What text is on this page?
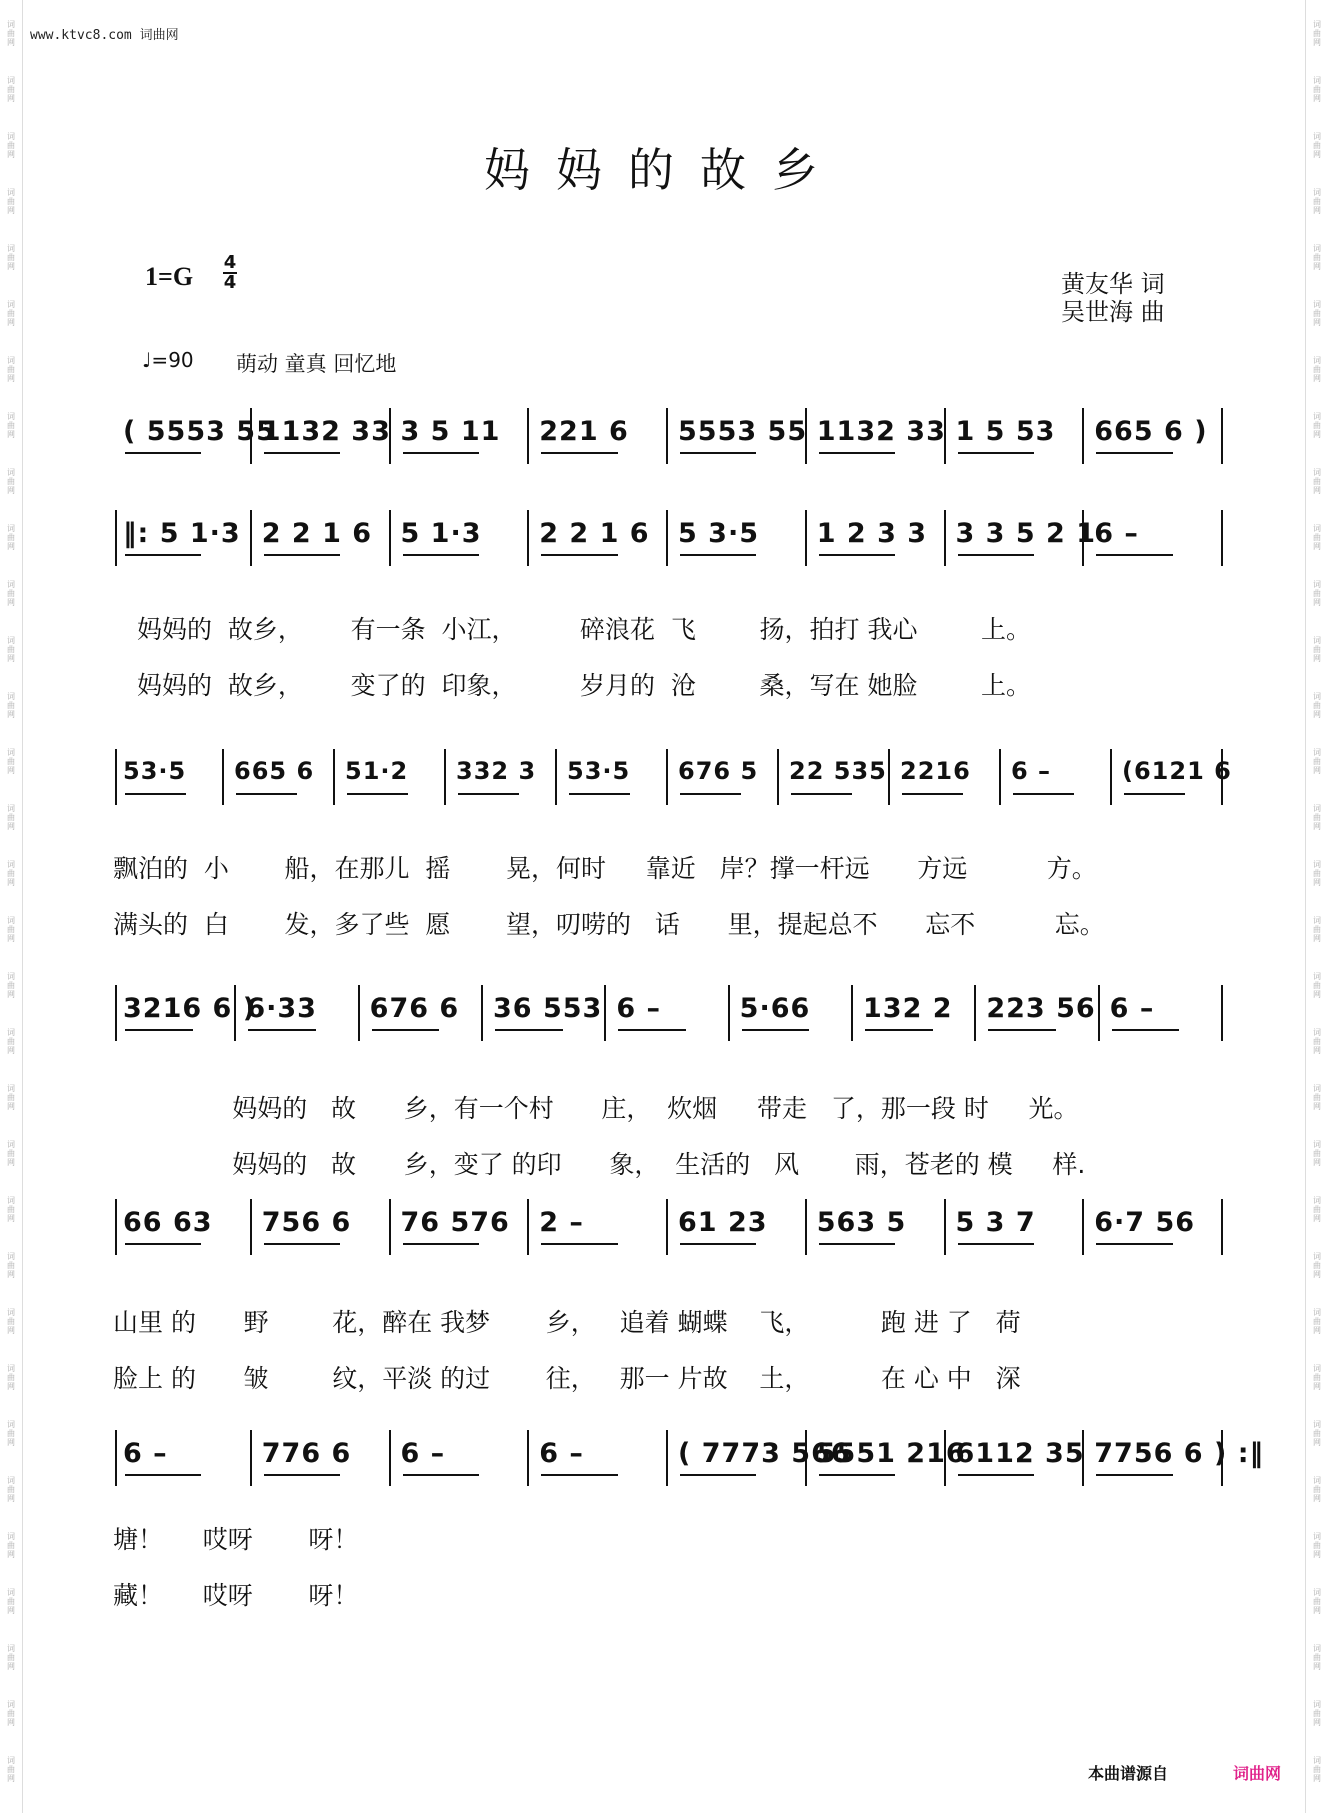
词
曲
网
词
曲
网
词
曲
网
词
曲
网
词
曲
网
词
曲
网
词
曲
网
词
曲
网
词
曲
网
词
曲
网
词
曲
网
词
曲
网
词
曲
网
词
曲
网
词
曲
网
词
曲
网
词
曲
网
词
曲
网
词
曲
网
词
曲
网
词
曲
网
词
曲
网
词
曲
网
词
曲
网
词
曲
网
词
曲
网
词
曲
网
词
曲
网
词
曲
网
词
曲
网
词
曲
网
词
曲
网
词
曲
网
词
曲
网
词
曲
网
词
曲
网
词
曲
网
词
曲
网
词
曲
网
词
曲
网
词
曲
网
词
曲
网
词
曲
网
词
曲
网
词
曲
网
词
曲
网
词
曲
网
词
曲
网
词
曲
网
词
曲
网
词
曲
网
词
曲
网
词
曲
网
词
曲
网
词
曲
网
词
曲
网
词
曲
网
词
曲
网
词
曲
网
词
曲
网
词
曲
网
词
曲
网
词
曲
网
词
曲
网
www.ktvc8.com 词曲网
妈妈的故乡
1=G 4
4	黄友华 词
吴世海 曲
♩=90 萌动 童真 回忆地
( 5553 55
1132 33 3 5 11 221 6 5553 55 1132 33 1 5 53 665 6 )
‖: 5 1·3 2 2 1 6 5 1·3 2 2 1 6 5 3·5 1 2 3 3 3 3 5 2 1
6 –
妈妈的  故乡，      有一条  小江，        碎浪花  飞        扬，拍打 我心        上。
妈妈的  故乡，      变了的  印象，        岁月的  沧        桑，写在 她脸        上。
53·5 665 6 51·2 332 3 53·5 676 5 22 535 2216 6 –	(6121 6
飘泊的  小       船，在那儿  摇       晃，何时     靠近   岸？撑一杆远      方远          方。
满头的  白       发，多了些  愿       望，叨唠的   话      里，提起总不      忘不          忘。
3216 6 )
6·33 676 6 36 553 6 –	5·66 132 2 223 56 6 –
妈妈的   故      乡，有一个村      庄，  炊烟     带走   了，那一段 时     光。
妈妈的   故      乡，变了 的印      象，  生活的   风       雨，苍老的 模     样.
66 63 756 6 76 576 2 –	61 23 563 5 5 3 7 6·7 56
山里 的      野        花，醉在 我梦       乡，   追着 蝴蝶    飞，         跑 进 了   荷
脸上 的      皱        纹，平淡 的过       往，   那一 片故    土，         在 心 中   深
6 –	776 6 6 –	6 –	( 7773 566
5551 216
6112 35 7756 6 ) :‖
塘！     哎呀       呀！
藏！     哎呀       呀！
本曲谱源自	词曲网
